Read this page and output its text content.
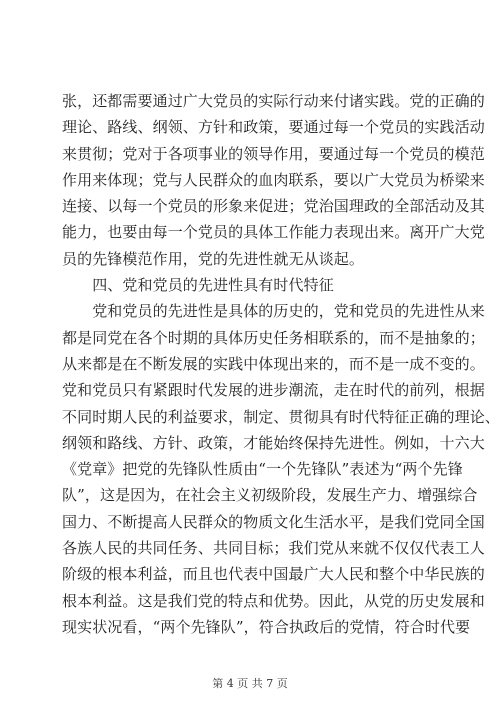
张，还都需要通过广大党员的实际行动来付诸实践。党的正确的
理论、路线、纲领、方针和政策，要通过每一个党员的实践活动
来贯彻；党对于各项事业的领导作用，要通过每一个党员的模范
作用来体现；党与人民群众的血肉联系，要以广大党员为桥梁来
连接、以每一个党员的形象来促进；党治国理政的全部活动及其
能力，也要由每一个党员的具体工作能力表现出来。离开广大党
员的先锋模范作用，党的先进性就无从谈起。
　　四、党和党员的先进性具有时代特征
　　党和党员的先进性是具体的历史的，党和党员的先进性从来
都是同党在各个时期的具体历史任务相联系的，而不是抽象的；
从来都是在不断发展的实践中体现出来的，而不是一成不变的。
党和党员只有紧跟时代发展的进步潮流，走在时代的前列，根据
不同时期人民的利益要求，制定、贯彻具有时代特征正确的理论、
纲领和路线、方针、政策，才能始终保持先进性。例如，十六大
《党章》把党的先锋队性质由“一个先锋队”表述为“两个先锋
队”，这是因为，在社会主义初级阶段，发展生产力、增强综合
国力、不断提高人民群众的物质文化生活水平，是我们党同全国
各族人民的共同任务、共同目标；我们党从来就不仅仅代表工人
阶级的根本利益，而且也代表中国最广大人民和整个中华民族的
根本利益。这是我们党的特点和优势。因此，从党的历史发展和
现实状况看，“两个先锋队”，符合执政后的党情，符合时代要
第 4 页 共 7 页
